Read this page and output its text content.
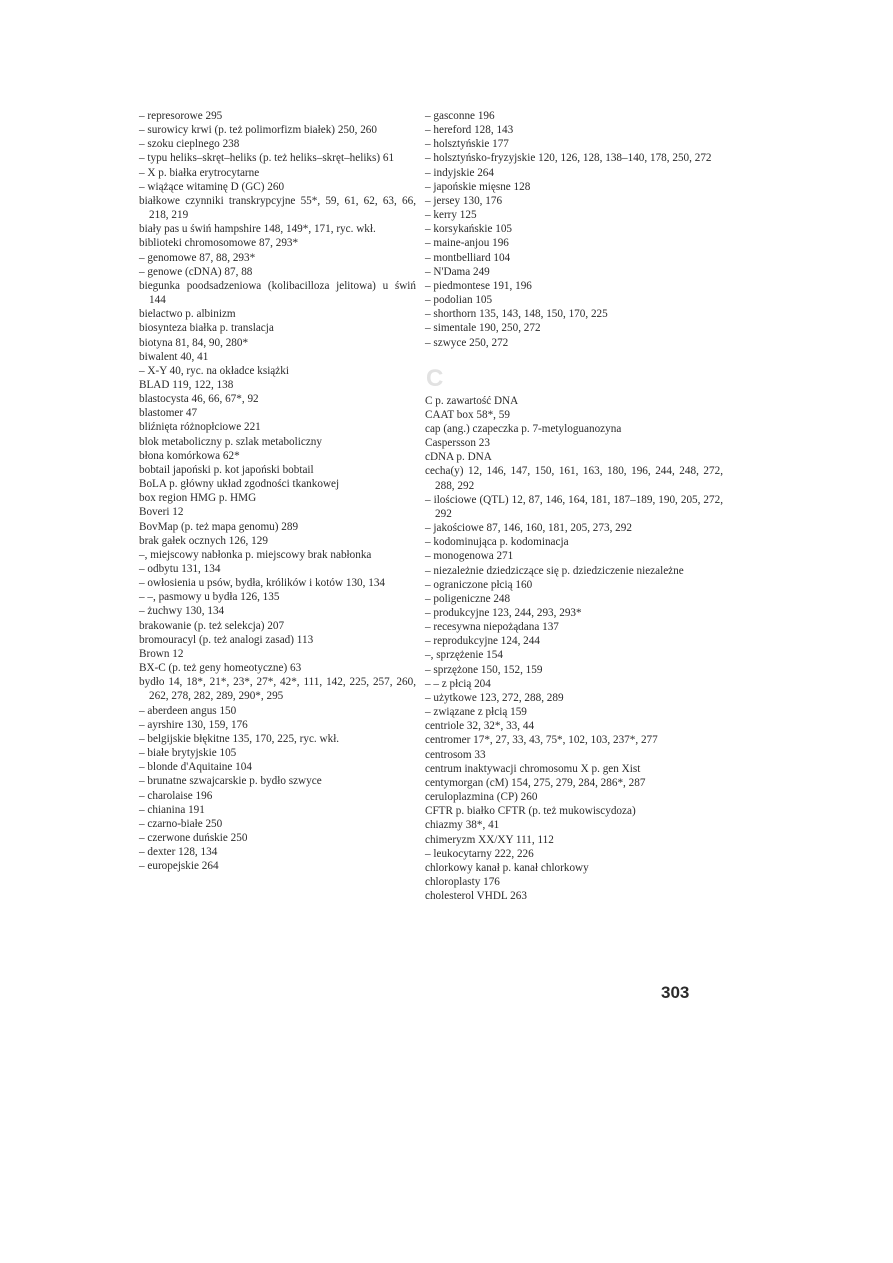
– represorowe 295
– surowicy krwi (p. też polimorfizm białek) 250, 260
– szoku cieplnego 238
– typu heliks–skręt–heliks (p. też heliks–skręt–heliks) 61
– X p. białka erytrocytarne
– wiążące witaminę D (GC) 260
białkowe czynniki transkrypcyjne 55*, 59, 61, 62, 63, 66, 218, 219
biały pas u świń hampshire 148, 149*, 171, ryc. wkł.
biblioteki chromosomowe 87, 293*
– genomowe 87, 88, 293*
– genowe (cDNA) 87, 88
biegunka poodsadzeniowa (kolibacilloza jelitowa) u świń 144
bielactwo p. albinizm
biosynteza białka p. translacja
biotyna 81, 84, 90, 280*
biwalent 40, 41
– X-Y 40, ryc. na okładce książki
BLAD 119, 122, 138
blastocysta 46, 66, 67*, 92
blastomer 47
bliźnięta różnopłciowe 221
blok metaboliczny p. szlak metaboliczny
błona komórkowa 62*
bobtail japoński p. kot japoński bobtail
BoLA p. główny układ zgodności tkankowej
box region HMG p. HMG
Boveri 12
BovMap (p. też mapa genomu) 289
brak gałek ocznych 126, 129
–, miejscowy nabłonka p. miejscowy brak nabłonka
– odbytu 131, 134
– owłosienia u psów, bydła, królików i kotów 130, 134
– –, pasmowy u bydła 126, 135
– żuchwy 130, 134
brakowanie (p. też selekcja) 207
bromouracyl (p. też analogi zasad) 113
Brown 12
BX-C (p. też geny homeotyczne) 63
bydło 14, 18*, 21*, 23*, 27*, 42*, 111, 142, 225, 257, 260, 262, 278, 282, 289, 290*, 295
– aberdeen angus 150
– ayrshire 130, 159, 176
– belgijskie błękitne 135, 170, 225, ryc. wkł.
– białe brytyjskie 105
– blonde d'Aquitaine 104
– brunatne szwajcarskie p. bydło szwyce
– charolaise 196
– chianina 191
– czarno-białe 250
– czerwone duńskie 250
– dexter 128, 134
– europejskie 264
– gasconne 196
– hereford 128, 143
– holsztyńskie 177
– holsztyńsko-fryzyjskie 120, 126, 128, 138–140, 178, 250, 272
– indyjskie 264
– japońskie mięsne 128
– jersey 130, 176
– kerry 125
– korsykańskie 105
– maine-anjou 196
– montbelliard 104
– N'Dama 249
– piedmontese 191, 196
– podolian 105
– shorthorn 135, 143, 148, 150, 170, 225
– simentale 190, 250, 272
– szwyce 250, 272
C
C p. zawartość DNA
CAAT box 58*, 59
cap (ang.) czapeczka p. 7-metyloguanozyna
Caspersson 23
cDNA p. DNA
cecha(y) 12, 146, 147, 150, 161, 163, 180, 196, 244, 248, 272, 288, 292
– ilościowe (QTL) 12, 87, 146, 164, 181, 187–189, 190, 205, 272, 292
– jakościowe 87, 146, 160, 181, 205, 273, 292
– kodominująca p. kodominacja
– monogenowa 271
– niezależnie dziedziczące się p. dziedziczenie niezależne
– ograniczone płcią 160
– poligeniczne 248
– produkcyjne 123, 244, 293, 293*
– recesywna niepożądana 137
– reprodukcyjne 124, 244
–, sprzężenie 154
– sprzężone 150, 152, 159
– – z płcią 204
– użytkowe 123, 272, 288, 289
– związane z płcią 159
centriole 32, 32*, 33, 44
centromer 17*, 27, 33, 43, 75*, 102, 103, 237*, 277
centrosom 33
centrum inaktywacji chromosomu X p. gen Xist
centymorgan (cM) 154, 275, 279, 284, 286*, 287
ceruloplazmina (CP) 260
CFTR p. białko CFTR (p. też mukowiscydoza)
chiazmy 38*, 41
chimeryzm XX/XY 111, 112
– leukocytarny 222, 226
chlorkowy kanał p. kanał chlorkowy
chloroplasty 176
cholesterol VHDL 263
303
